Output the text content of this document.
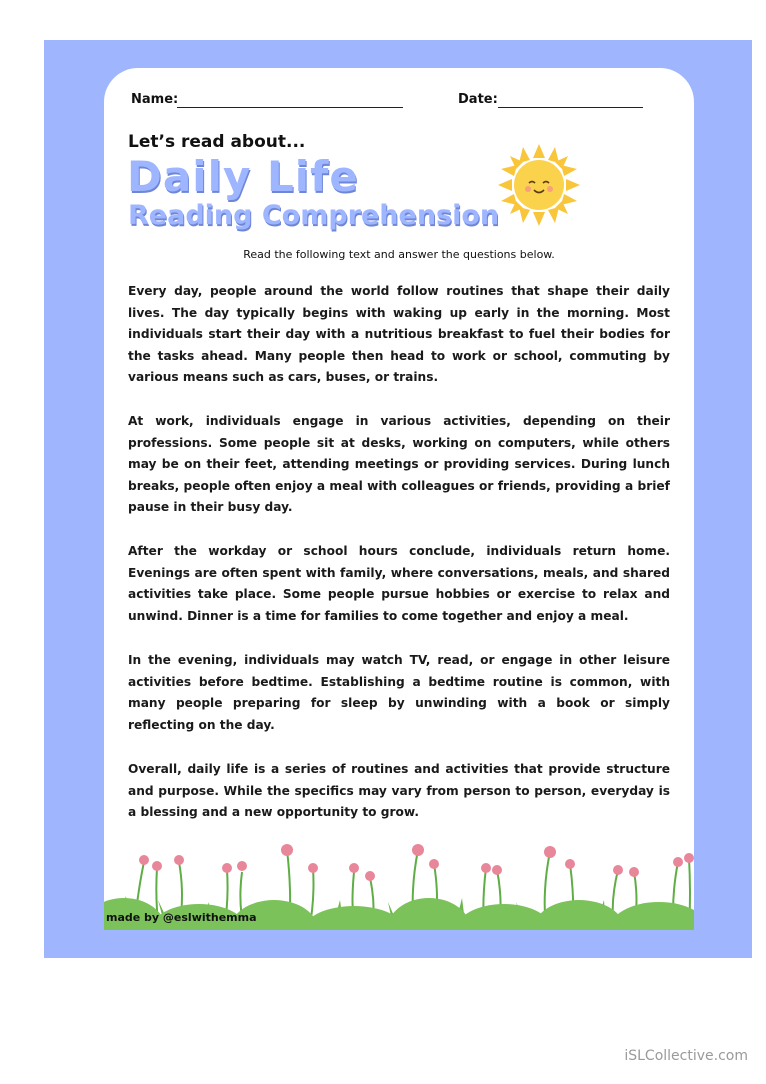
Name:	Date:
Let’s read about...
Daily Life
Reading Comprehension
Read the following text and answer the questions below.

Every day, people around the world follow routines that shape their daily lives. The day typically begins with waking up early in the morning. Most individuals start their day with a nutritious breakfast to fuel their bodies for the tasks ahead. Many people then head to work or school, commuting by various means such as cars, buses, or trains.

At work, individuals engage in various activities, depending on their professions. Some people sit at desks, working on computers, while others may be on their feet, attending meetings or providing services. During lunch breaks, people often enjoy a meal with colleagues or friends, providing a brief pause in their busy day.

After the workday or school hours conclude, individuals return home. Evenings are often spent with family, where conversations, meals, and shared activities take place. Some people pursue hobbies or exercise to relax and unwind. Dinner is a time for families to come together and enjoy a meal.

In the evening, individuals may watch TV, read, or engage in other leisure activities before bedtime. Establishing a bedtime routine is common, with many people preparing for sleep by unwinding with a book or simply reflecting on the day.

Overall, daily life is a series of routines and activities that provide structure and purpose. While the specifics may vary from person to person, everyday is a blessing and a new opportunity to grow.

made by @eslwithemma
iSLCollective.com
